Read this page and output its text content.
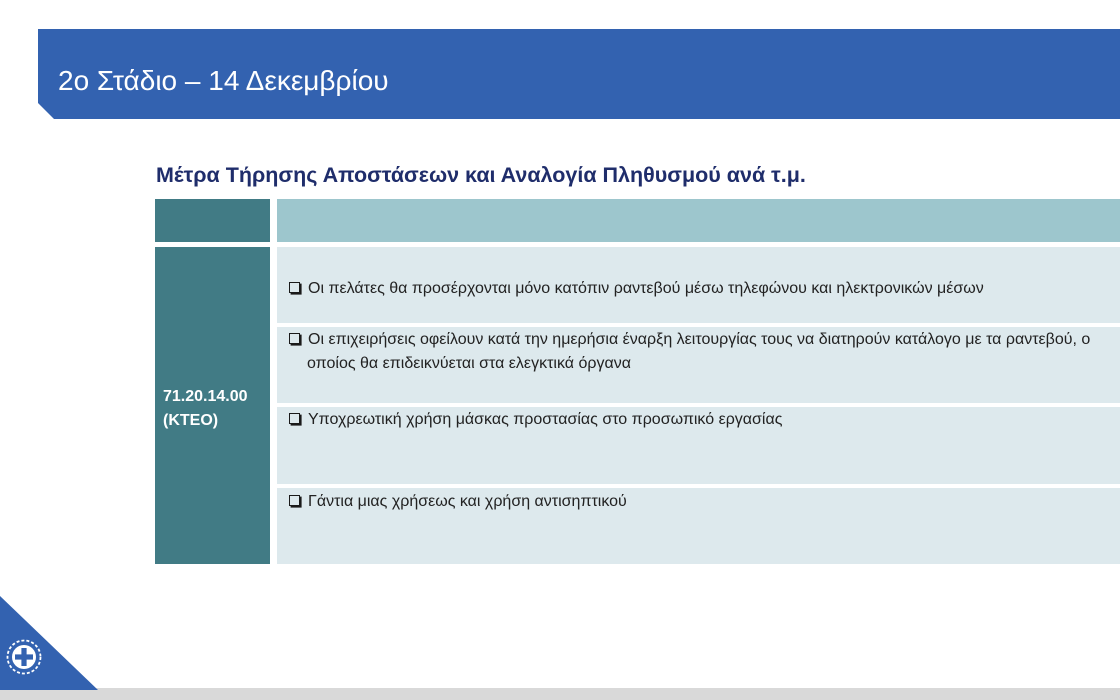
2ο Στάδιο – 14 Δεκεμβρίου
Μέτρα Τήρησης Αποστάσεων και Αναλογία Πληθυσμού ανά τ.μ.
71.20.14.00
(ΚΤΕΟ)
Οι πελάτες θα προσέρχονται μόνο κατόπιν ραντεβού μέσω τηλεφώνου και ηλεκτρονικών μέσων
Οι επιχειρήσεις οφείλουν κατά την ημερήσια έναρξη λειτουργίας τους να διατηρούν κατάλογο με τα ραντεβού, ο οποίος θα επιδεικνύεται στα ελεγκτικά όργανα
Υποχρεωτική χρήση μάσκας προστασίας στο προσωπικό εργασίας
Γάντια μιας χρήσεως και χρήση αντισηπτικού
